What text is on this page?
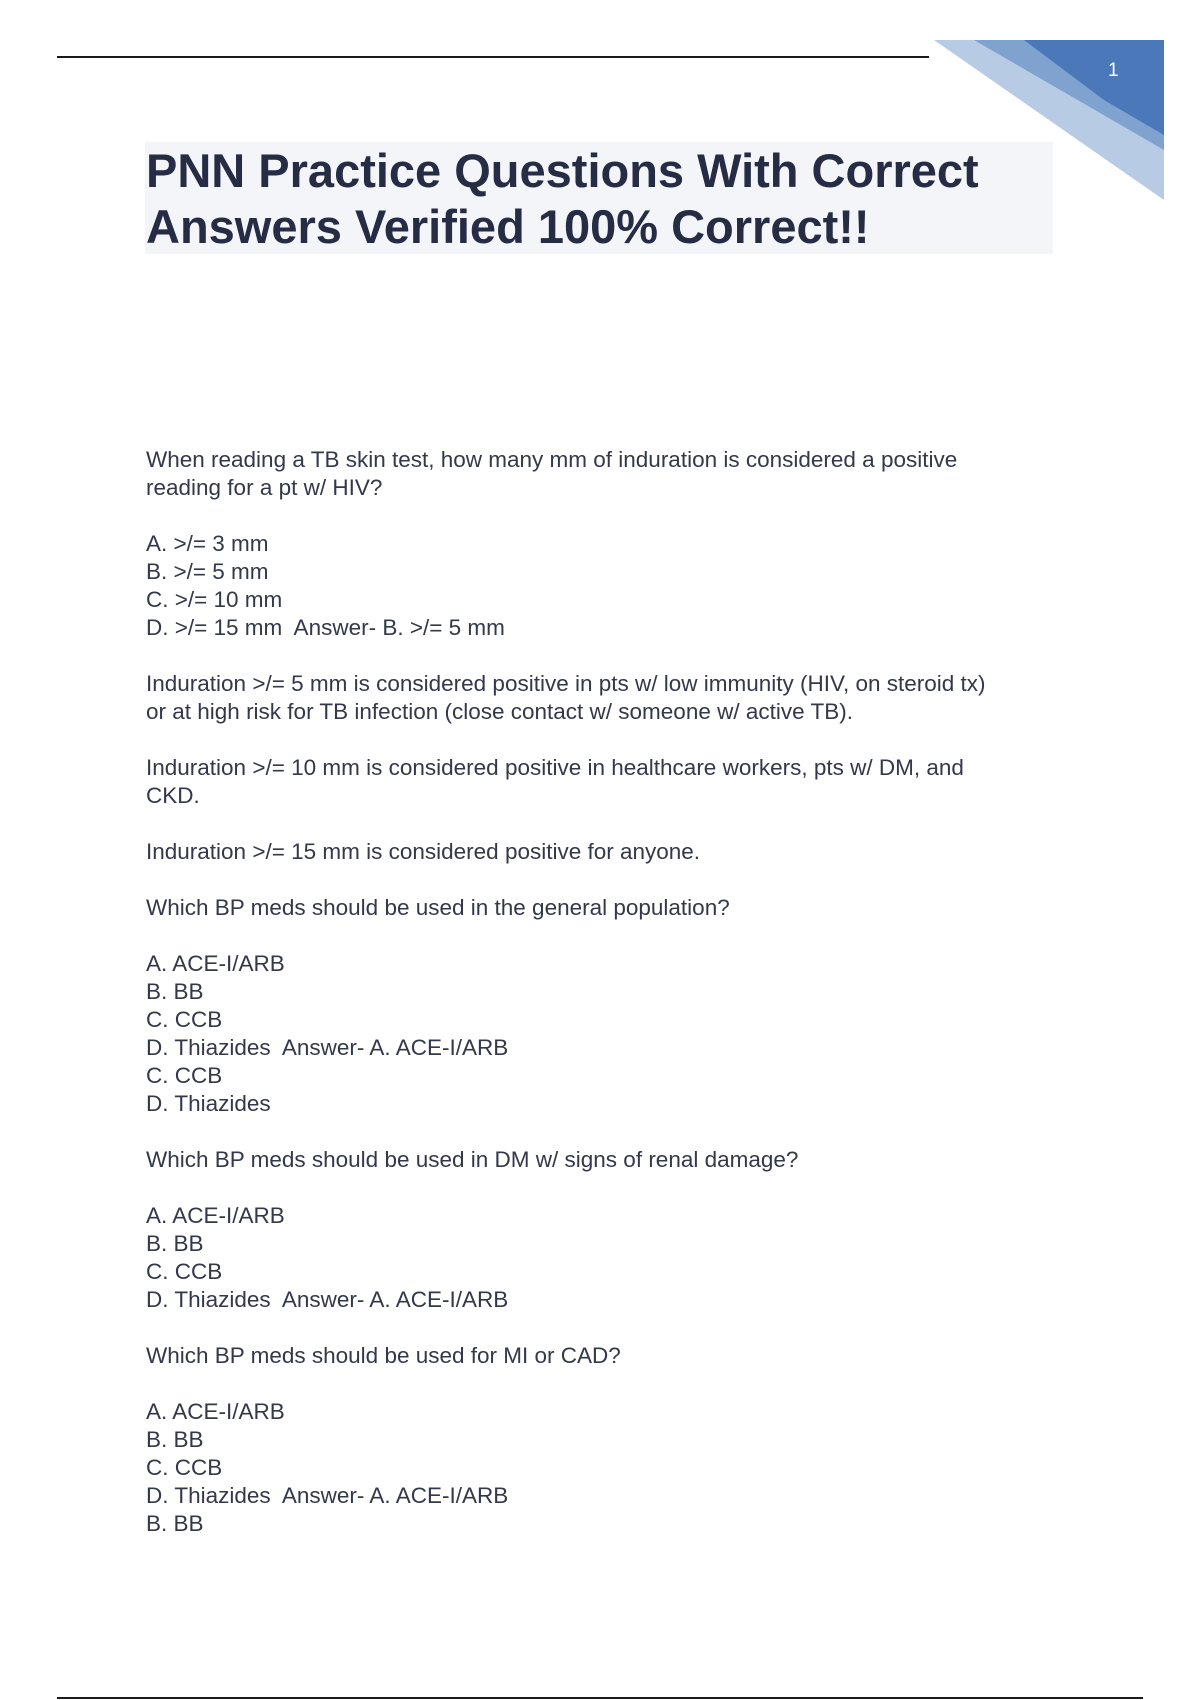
1
PNN Practice Questions With Correct
Answers Verified 100% Correct!!

When reading a TB skin test, how many mm of induration is considered a positive
reading for a pt w/ HIV?

A. >/= 3 mm
B. >/= 5 mm
C. >/= 10 mm
D. >/= 15 mm  Answer- B. >/= 5 mm

Induration >/= 5 mm is considered positive in pts w/ low immunity (HIV, on steroid tx)
or at high risk for TB infection (close contact w/ someone w/ active TB).

Induration >/= 10 mm is considered positive in healthcare workers, pts w/ DM, and
CKD.

Induration >/= 15 mm is considered positive for anyone.

Which BP meds should be used in the general population?

A. ACE-I/ARB
B. BB
C. CCB
D. Thiazides  Answer- A. ACE-I/ARB
C. CCB
D. Thiazides

Which BP meds should be used in DM w/ signs of renal damage?

A. ACE-I/ARB
B. BB
C. CCB
D. Thiazides  Answer- A. ACE-I/ARB

Which BP meds should be used for MI or CAD?

A. ACE-I/ARB
B. BB
C. CCB
D. Thiazides  Answer- A. ACE-I/ARB
B. BB
